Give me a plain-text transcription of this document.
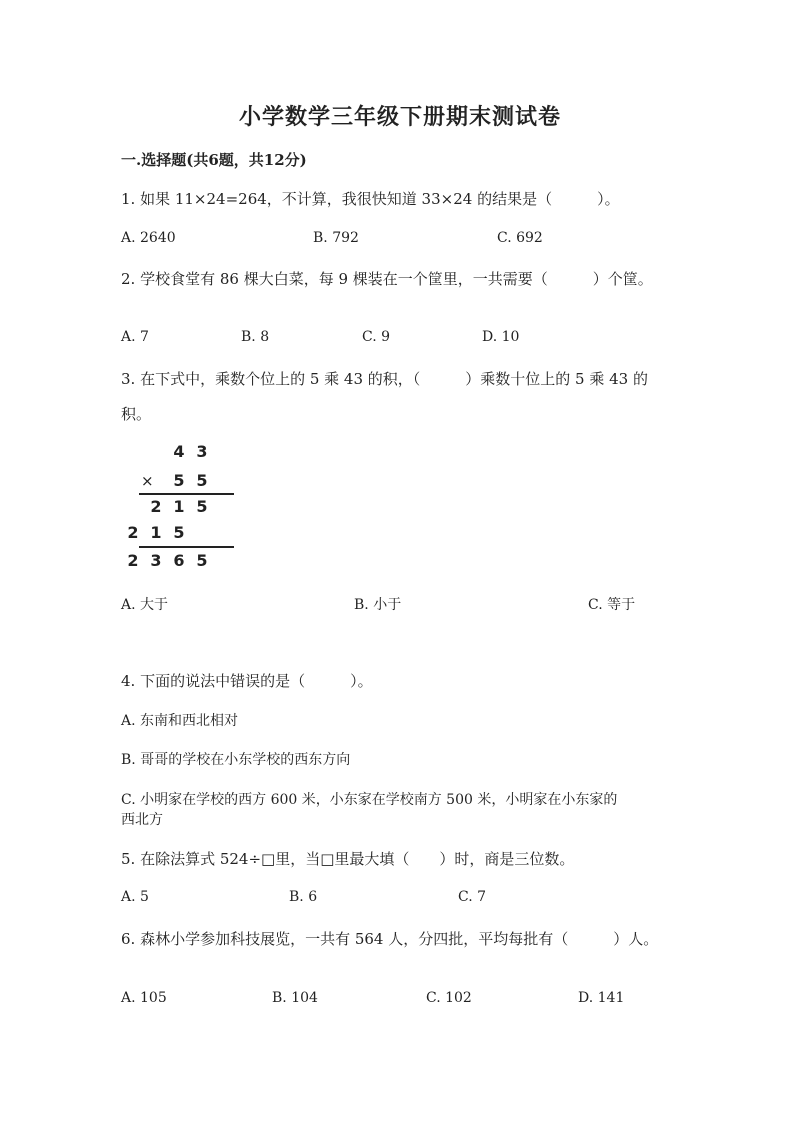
小学数学三年级下册期末测试卷
一.选择题(共6题，共12分)
1. 如果 11×24=264，不计算，我很快知道 33×24 的结果是（　　　）。
A. 2640	B. 792	C. 692
2. 学校食堂有 86 棵大白菜，每 9 棵装在一个筐里，一共需要（　　　）个筐。
A. 7	B. 8	C. 9	D. 10
3. 在下式中，乘数个位上的 5 乘 43 的积，（　　　）乘数十位上的 5 乘 43 的
积。
4 3
× 5 5
2 1 5
2 1 5
2 3 6 5
A. 大于	B. 小于	C. 等于
4. 下面的说法中错误的是（　　　）。
A. 东南和西北相对
B. 哥哥的学校在小东学校的西东方向
C. 小明家在学校的西方 600 米，小东家在学校南方 500 米，小明家在小东家的
西北方
5. 在除法算式 524÷□里，当□里最大填（　　）时，商是三位数。
A. 5	B. 6	C. 7
6. 森林小学参加科技展览，一共有 564 人，分四批，平均每批有（　　　）人。
A. 105	B. 104	C. 102	D. 141
